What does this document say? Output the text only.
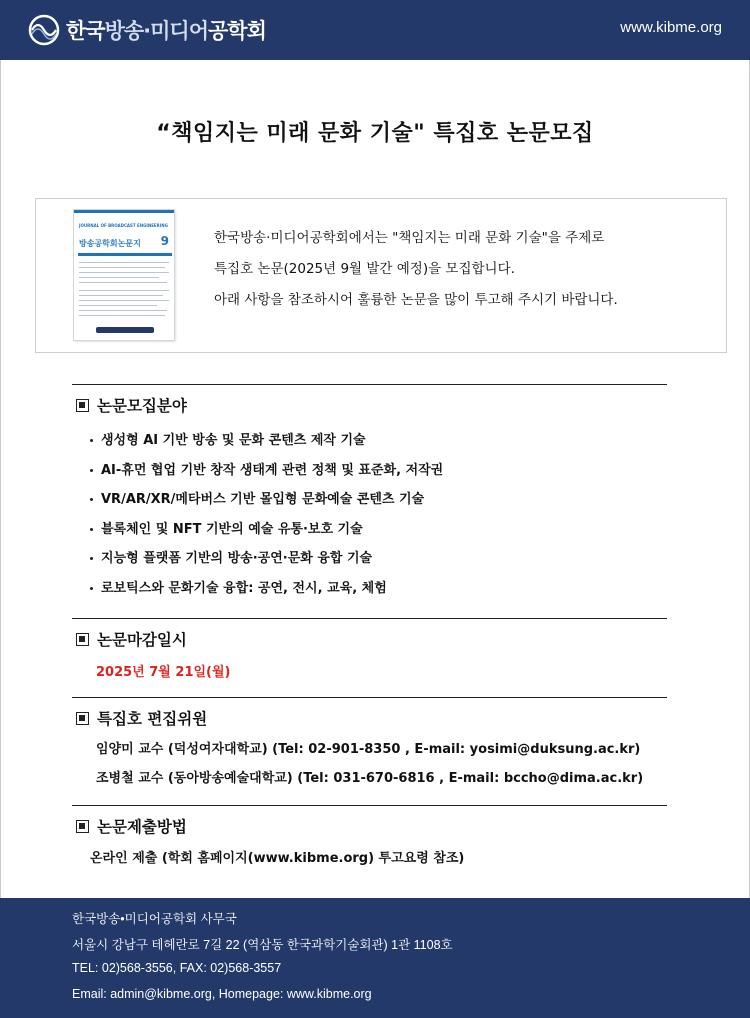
한국방송·미디어공학회	www.kibme.org
“책임지는 미래 문화 기술" 특집호 논문모집
JOURNAL OF BROADCAST ENGINEERING
방송공학회논문지 9	한국방송·미디어공학회에서는 "책임지는 미래 문화 기술"을 주제로
특집호 논문(2025년 9월 발간 예정)을 모집합니다.
아래 사항을 참조하시어 훌륭한 논문을 많이 투고해 주시기 바랍니다.
논문모집분야
생성형 AI 기반 방송 및 문화 콘텐츠 제작 기술
AI-휴먼 협업 기반 창작 생태계 관련 정책 및 표준화, 저작권
VR/AR/XR/메타버스 기반 몰입형 문화예술 콘텐츠 기술
블록체인 및 NFT 기반의 예술 유통·보호 기술
지능형 플랫폼 기반의 방송·공연·문화 융합 기술
로보틱스와 문화기술 융합: 공연, 전시, 교육, 체험
논문마감일시
2025년 7월 21일(월)
특집호 편집위원
임양미 교수 (덕성여자대학교) (Tel: 02-901-8350 , E-mail: yosimi@duksung.ac.kr)
조병철 교수 (동아방송예술대학교) (Tel: 031-670-6816 , E-mail: bccho@dima.ac.kr)
논문제출방법
온라인 제출 (학회 홈페이지(www.kibme.org) 투고요령 참조)
한국방송•미디어공학회 사무국
서울시 강남구 테헤란로 7길 22 (역삼동 한국과학기술회관) 1관 1108호
TEL: 02)568-3556, FAX: 02)568-3557
Email: admin@kibme.org, Homepage: www.kibme.org
